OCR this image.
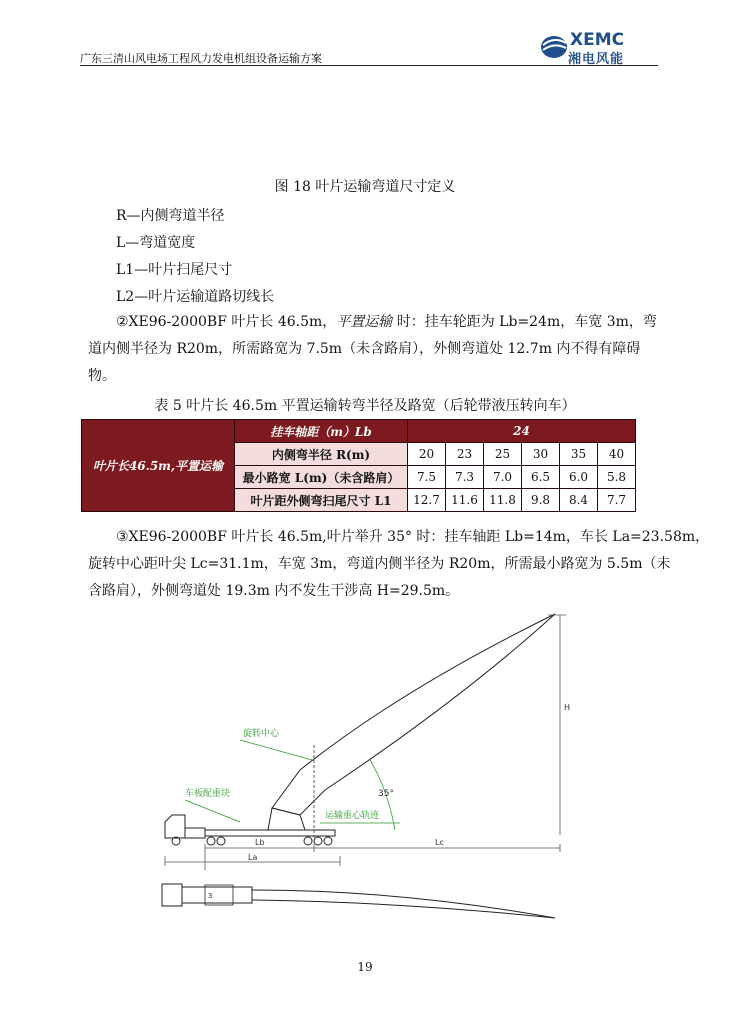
广东三清山风电场工程风力发电机组设备运输方案
XEMC
湘电风能
图 18 叶片运输弯道尺寸定义
R—内侧弯道半径
L—弯道宽度
L1—叶片扫尾尺寸
L2—叶片运输道路切线长
②XE96-2000BF 叶片长 46.5m，平置运输 时：挂车轮距为 Lb=24m，车宽 3m，弯
道内侧半径为 R20m，所需路宽为 7.5m（未含路肩），外侧弯道处 12.7m 内不得有障碍
物。
表 5 叶片长 46.5m 平置运输转弯半径及路宽（后轮带液压转向车）
叶片长46.5m,平置运输	挂车轴距（m）Lb	24					
	内侧弯半径 R(m)	20	23	25	30	35	40
	最小路宽 L(m)（未含路肩）	7.5	7.3	7.0	6.5	6.0	5.8
	叶片距外侧弯扫尾尺寸 L1	12.7	11.6	11.8	9.8	8.4	7.7
③XE96-2000BF 叶片长 46.5m,叶片举升 35° 时：挂车轴距 Lb=14m，车长 La=23.58m，
旋转中心距叶尖 Lc=31.1m，车宽 3m，弯道内侧半径为 R20m，所需最小路宽为 5.5m（未
含路肩），外侧弯道处 19.3m 内不发生干涉高 H=29.5m。
H
旋转中心
车板配重块	35°
运输重心轨迹
Lb	Lc
La
3
19
